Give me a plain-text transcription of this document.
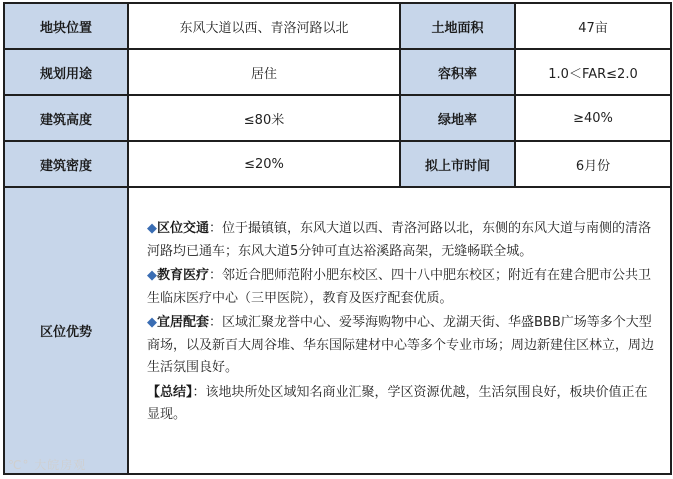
地块位置	东风大道以西、青洛河路以北	土地面积	47亩
规划用途	居住	容积率	1.0＜FAR≤2.0
建筑高度	≤80米	绿地率	≥40%
建筑密度	≤20%	拟上市时间	6月份
区位优势	◆区位交通：位于撮镇镇，东风大道以西、青洛河路以北，东侧的东风大道与南侧的清洛河路均已通车；东风大道5分钟可直达裕溪路高架，无缝畅联全城。

◆教育医疗：邻近合肥师范附小肥东校区、四十八中肥东校区；附近有在建合肥市公共卫生临床医疗中心（三甲医院），教育及医疗配套优质。

◆宜居配套：区域汇聚龙誉中心、爱琴海购物中心、龙湖天街、华盛BBB广场等多个大型商场，以及新百大周谷堆、华东国际建材中心等多个专业市场；周边新建住区林立，周边生活氛围良好。

【总结】：该地块所处区域知名商业汇聚，学区资源优越，生活氛围良好，板块价值正在显现。		

℃° 大皖房观
